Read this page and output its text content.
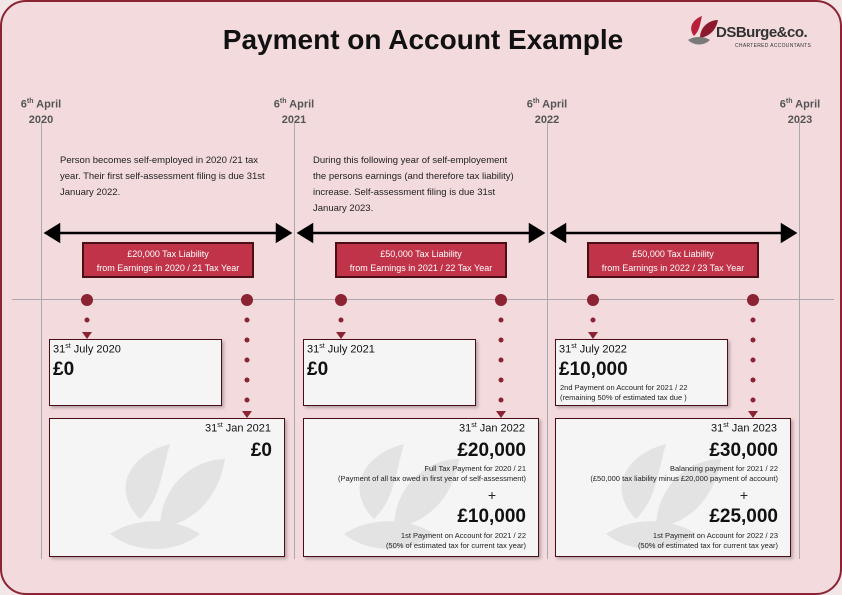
Payment on Account Example	DSBurge&co.
CHARTERED ACCOUNTANTS
6th April
2020
6th April
2021
6th April
2022
6th April
2023
Person becomes self-employed in 2020 /21 tax
year. Their first self-assessment filing is due 31st
January 2022.
During this following year of self-employement
the persons earnings (and therefore tax liability)
increase. Self-assessment filing is due 31st
January 2023.
£20,000 Tax Liability
from Earnings in 2020 / 21 Tax Year
£50,000 Tax Liability
from Earnings in 2021 / 22 Tax Year
£50,000 Tax Liability
from Earnings in 2022 / 23 Tax Year
31st July 2020
£0
31st July 2021
£0
31st July 2022
£10,000
2nd Payment on Account for 2021 / 22
(remaining 50% of estimated tax due )
31st Jan 2021
£0
31st Jan 2022
£20,000
Full Tax Payment for 2020 / 21
(Payment of all tax owed in first year of self-assessment)
+
£10,000
1st Payment on Account for 2021 / 22
(50% of estimated tax for current tax year)
31st Jan 2023
£30,000
Balancing payment for 2021 / 22
(£50,000 tax liability minus £20,000 payment of account)
+
£25,000
1st Payment on Account for 2022 / 23
(50% of estimated tax for current tax year)
